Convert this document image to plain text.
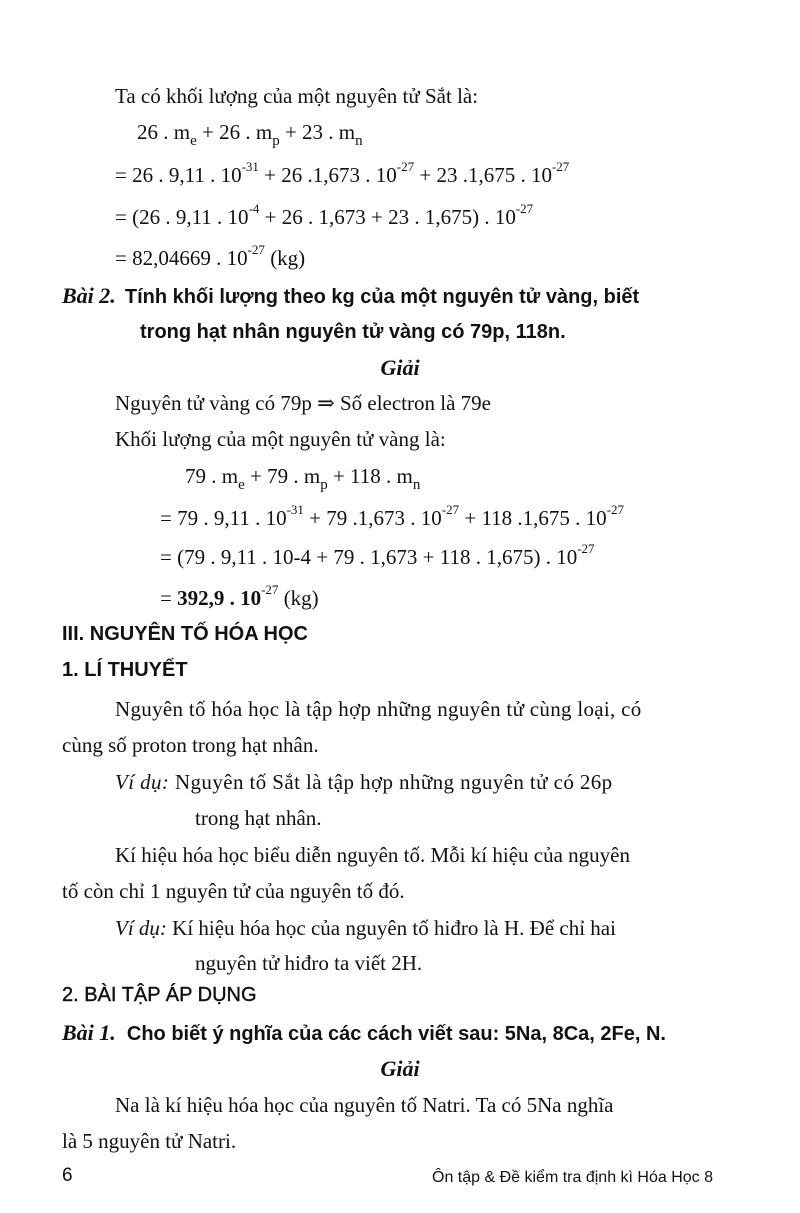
Ta có khối lượng của một nguyên tử Sắt là:
26 . $m_e + 26$ . $m_p + 23$ . $m_n$
= 26 . 9,11 . $10^{-31} + 26$ .1,673 . $10^{-27} + 23$ .1,675 . $10^{-27}$
= (26 . 9,11 . $10^{-4} + 26$ . 1,673 + 23 . 1,675) . $10^{-27}$
= 82,04669 . $10^{-27}$ (kg)
Bài 2. Tính khối lượng theo kg của một nguyên tử vàng, biết
trong hạt nhân nguyên tử vàng có 79p, 118n.
Giải
Nguyên tử vàng có 79p ⇒ Số electron là 79e
Khối lượng của một nguyên tử vàng là:
79 . $m_e + 79$ . $m_p + 118$ . $m_n$
= 79 . 9,11 . $10^{-31} + 79$ .1,673 . $10^{-27} + 118$ .1,675 . $10^{-27}$
= (79 . 9,11 . 10-4 + 79 . 1,673 + 118 . 1,675) . $10^{-27}$
= 392,9 . $10^{-27}$ (kg)
III. NGUYÊN TỐ HÓA HỌC
1. LÍ THUYẾT
Nguyên tố hóa học là tập hợp những nguyên tử cùng loại, có
cùng số proton trong hạt nhân.
Ví dụ: Nguyên tố Sắt là tập hợp những nguyên tử có 26p
trong hạt nhân.
Kí hiệu hóa học biểu diễn nguyên tố. Mỗi kí hiệu của nguyên
tố còn chỉ 1 nguyên tử của nguyên tố đó.
Ví dụ: Kí hiệu hóa học của nguyên tố hiđro là H. Để chỉ hai
nguyên tử hiđro ta viết 2H.
2. BÀI TẬP ÁP DỤNG
Bài 1. Cho biết ý nghĩa của các cách viết sau: 5Na, 8Ca, 2Fe, N.
Giải
Na là kí hiệu hóa học của nguyên tố Natri. Ta có 5Na nghĩa
là 5 nguyên tử Natri.
6	Ôn tập & Đề kiểm tra định kì Hóa Học 8
